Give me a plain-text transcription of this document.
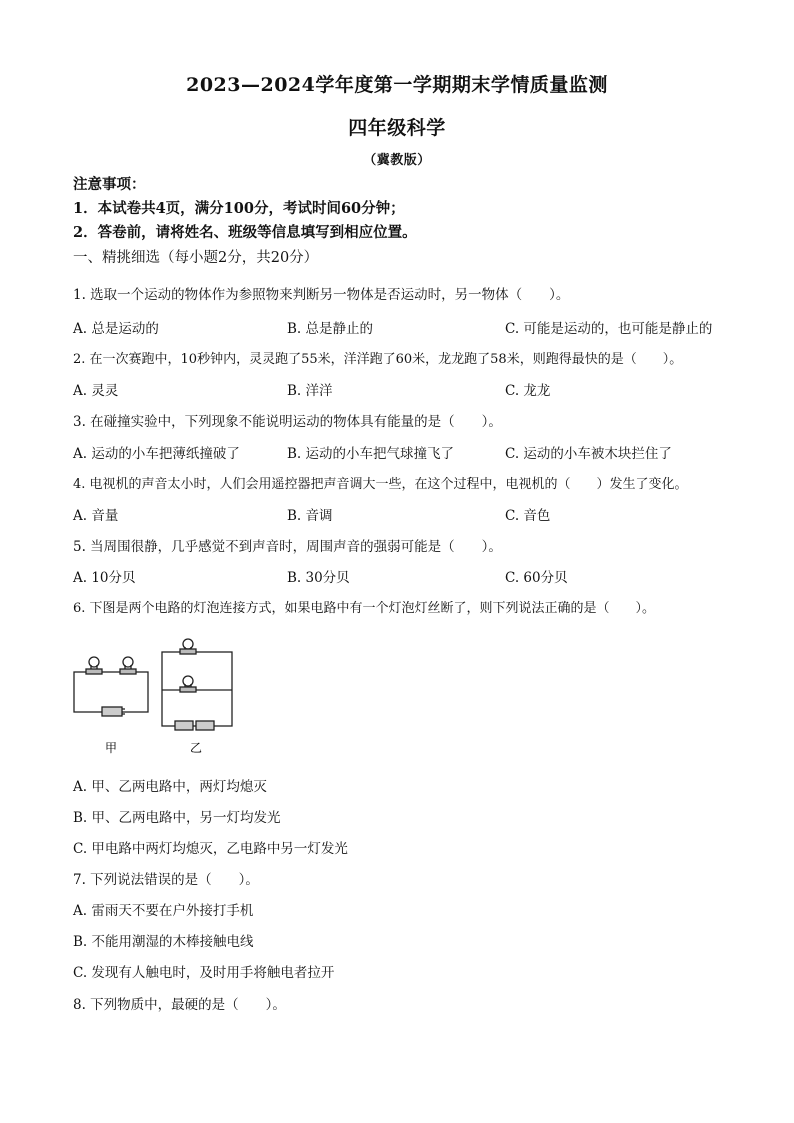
2023—2024学年度第一学期期末学情质量监测
四年级科学
（冀教版）
注意事项：
1．本试卷共4页，满分100分，考试时间60分钟；
2．答卷前，请将姓名、班级等信息填写到相应位置。
一、精挑细选（每小题2分，共20分）
1. 选取一个运动的物体作为参照物来判断另一物体是否运动时，另一物体（　　）。
A. 总是运动的	B. 总是静止的	C. 可能是运动的，也可能是静止的
2. 在一次赛跑中，10秒钟内，灵灵跑了55米，洋洋跑了60米，龙龙跑了58米，则跑得最快的是（　　）。
A. 灵灵	B. 洋洋	C. 龙龙
3. 在碰撞实验中，下列现象不能说明运动的物体具有能量的是（　　）。
A. 运动的小车把薄纸撞破了	B. 运动的小车把气球撞飞了	C. 运动的小车被木块拦住了
4. 电视机的声音太小时，人们会用遥控器把声音调大一些，在这个过程中，电视机的（　　）发生了变化。
A. 音量	B. 音调	C. 音色
5. 当周围很静，几乎感觉不到声音时，周围声音的强弱可能是（　　）。
A. 10分贝	B. 30分贝	C. 60分贝
6. 下图是两个电路的灯泡连接方式，如果电路中有一个灯泡灯丝断了，则下列说法正确的是（　　）。
甲	乙
A. 甲、乙两电路中，两灯均熄灭
B. 甲、乙两电路中，另一灯均发光
C. 甲电路中两灯均熄灭，乙电路中另一灯发光
7. 下列说法错误的是（　　）。
A. 雷雨天不要在户外接打手机
B. 不能用潮湿的木棒接触电线
C. 发现有人触电时，及时用手将触电者拉开
8. 下列物质中，最硬的是（　　）。
